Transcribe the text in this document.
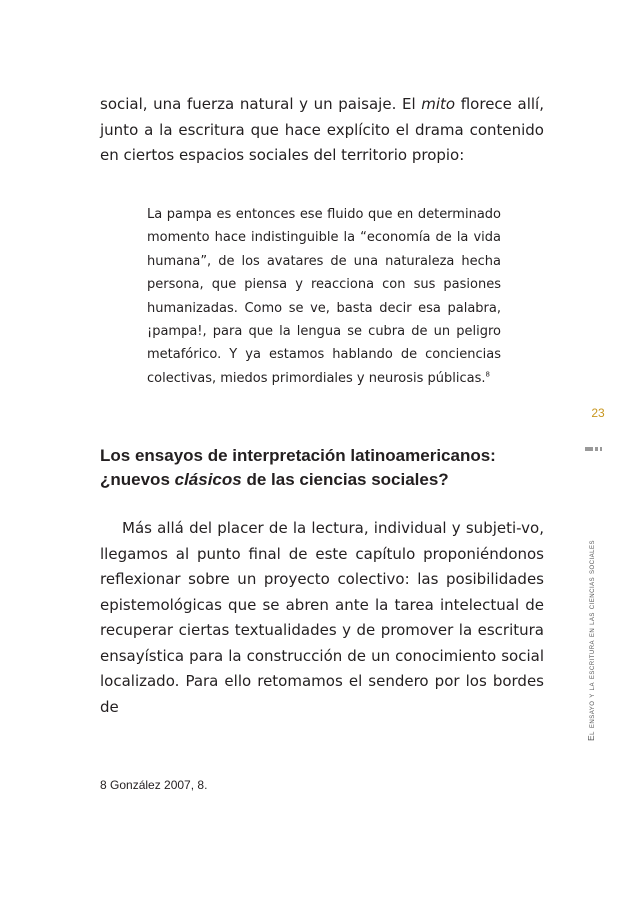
social, una fuerza natural y un paisaje. El mito florece allí, junto a la escritura que hace explícito el drama contenido en ciertos espacios sociales del territorio propio:

La pampa es entonces ese fluido que en determinado momento hace indistinguible la “economía de la vida humana”, de los avatares de una naturaleza hecha persona, que piensa y reacciona con sus pasiones humanizadas. Como se ve, basta decir esa palabra, ¡pampa!, para que la lengua se cubra de un peligro metafórico. Y ya estamos hablando de conciencias colectivas, miedos primordiales y neurosis públicas.$^8$

23
Los ensayos de interpretación latinoamericanos:
¿nuevos clásicos de las ciencias sociales?

Más allá del placer de la lectura, individual y subjeti-vo, llegamos al punto final de este capítulo proponiéndonos reflexionar sobre un proyecto colectivo: las posibilidades epistemológicas que se abren ante la tarea intelectual de recuperar ciertas textualidades y de promover la escritura ensayística para la construcción de un conocimiento social localizado. Para ello retomamos el sendero por los bordes de	El ensayo y la escritura en las ciencias sociales

8 González 2007, 8.
